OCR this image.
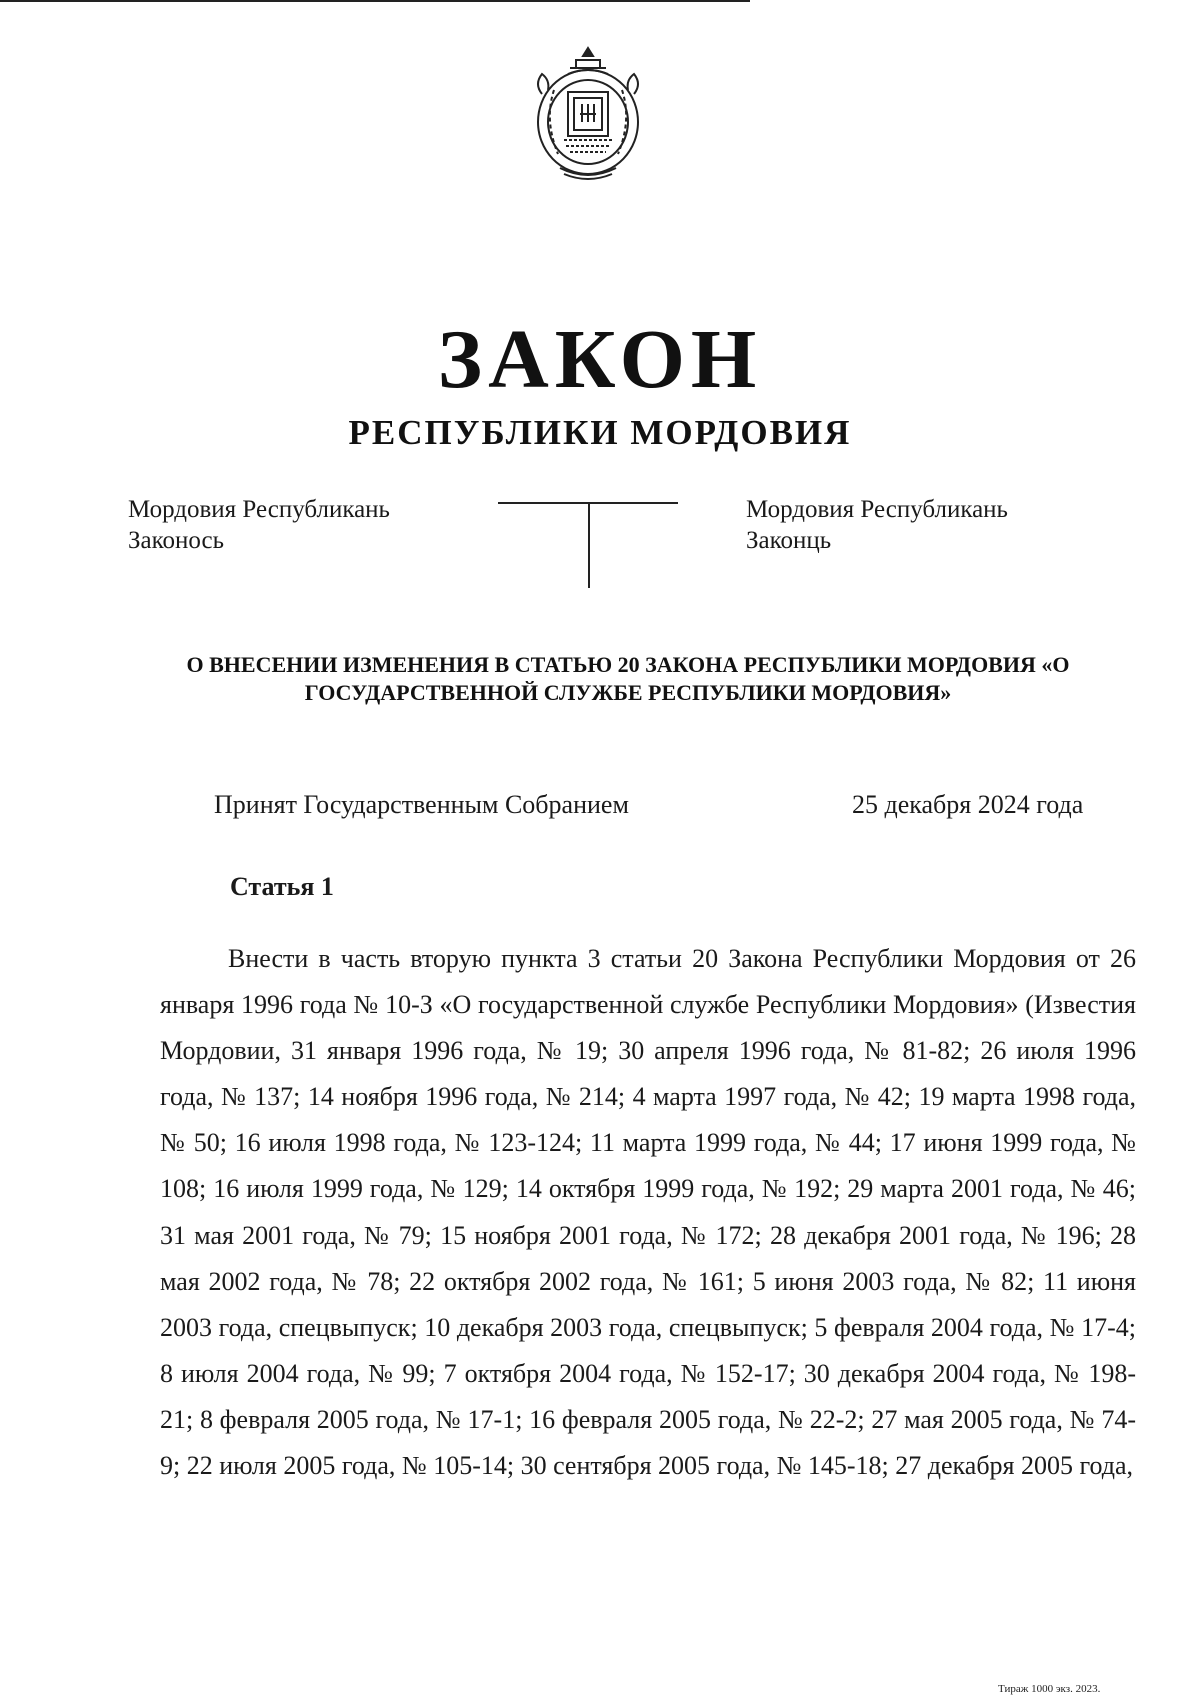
ЗАКОН
РЕСПУБЛИКИ МОРДОВИЯ
Мордовия Республикань Законось
Мордовия Республикань Законць
О ВНЕСЕНИИ ИЗМЕНЕНИЯ В СТАТЬЮ 20 ЗАКОНА РЕСПУБЛИКИ МОРДОВИЯ «О ГОСУДАРСТВЕННОЙ СЛУЖБЕ РЕСПУБЛИКИ МОРДОВИЯ»
Принят Государственным Собранием	25 декабря 2024 года
Статья 1
Внести в часть вторую пункта 3 статьи 20 Закона Республики Мордовия от 26 января 1996 года № 10-З «О государственной службе Республики Мордовия» (Известия Мордовии, 31 января 1996 года, № 19; 30 апреля 1996 года, № 81-82; 26 июля 1996 года, № 137; 14 ноября 1996 года, № 214; 4 марта 1997 года, № 42; 19 марта 1998 года, № 50; 16 июля 1998 года, № 123-124; 11 марта 1999 года, № 44; 17 июня 1999 года, № 108; 16 июля 1999 года, № 129; 14 октября 1999 года, № 192; 29 марта 2001 года, № 46; 31 мая 2001 года, № 79; 15 ноября 2001 года, № 172; 28 декабря 2001 года, № 196; 28 мая 2002 года, № 78; 22 октября 2002 года, № 161; 5 июня 2003 года, № 82; 11 июня 2003 года, спецвыпуск; 10 декабря 2003 года, спецвыпуск; 5 февраля 2004 года, № 17-4; 8 июля 2004 года, № 99; 7 октября 2004 года, № 152-17; 30 декабря 2004 года, № 198-21; 8 февраля 2005 года, № 17-1; 16 февраля 2005 года, № 22-2; 27 мая 2005 года, № 74-9; 22 июля 2005 года, № 105-14; 30 сентября 2005 года, № 145-18; 27 декабря 2005 года,
Тираж 1000 экз. 2023.
